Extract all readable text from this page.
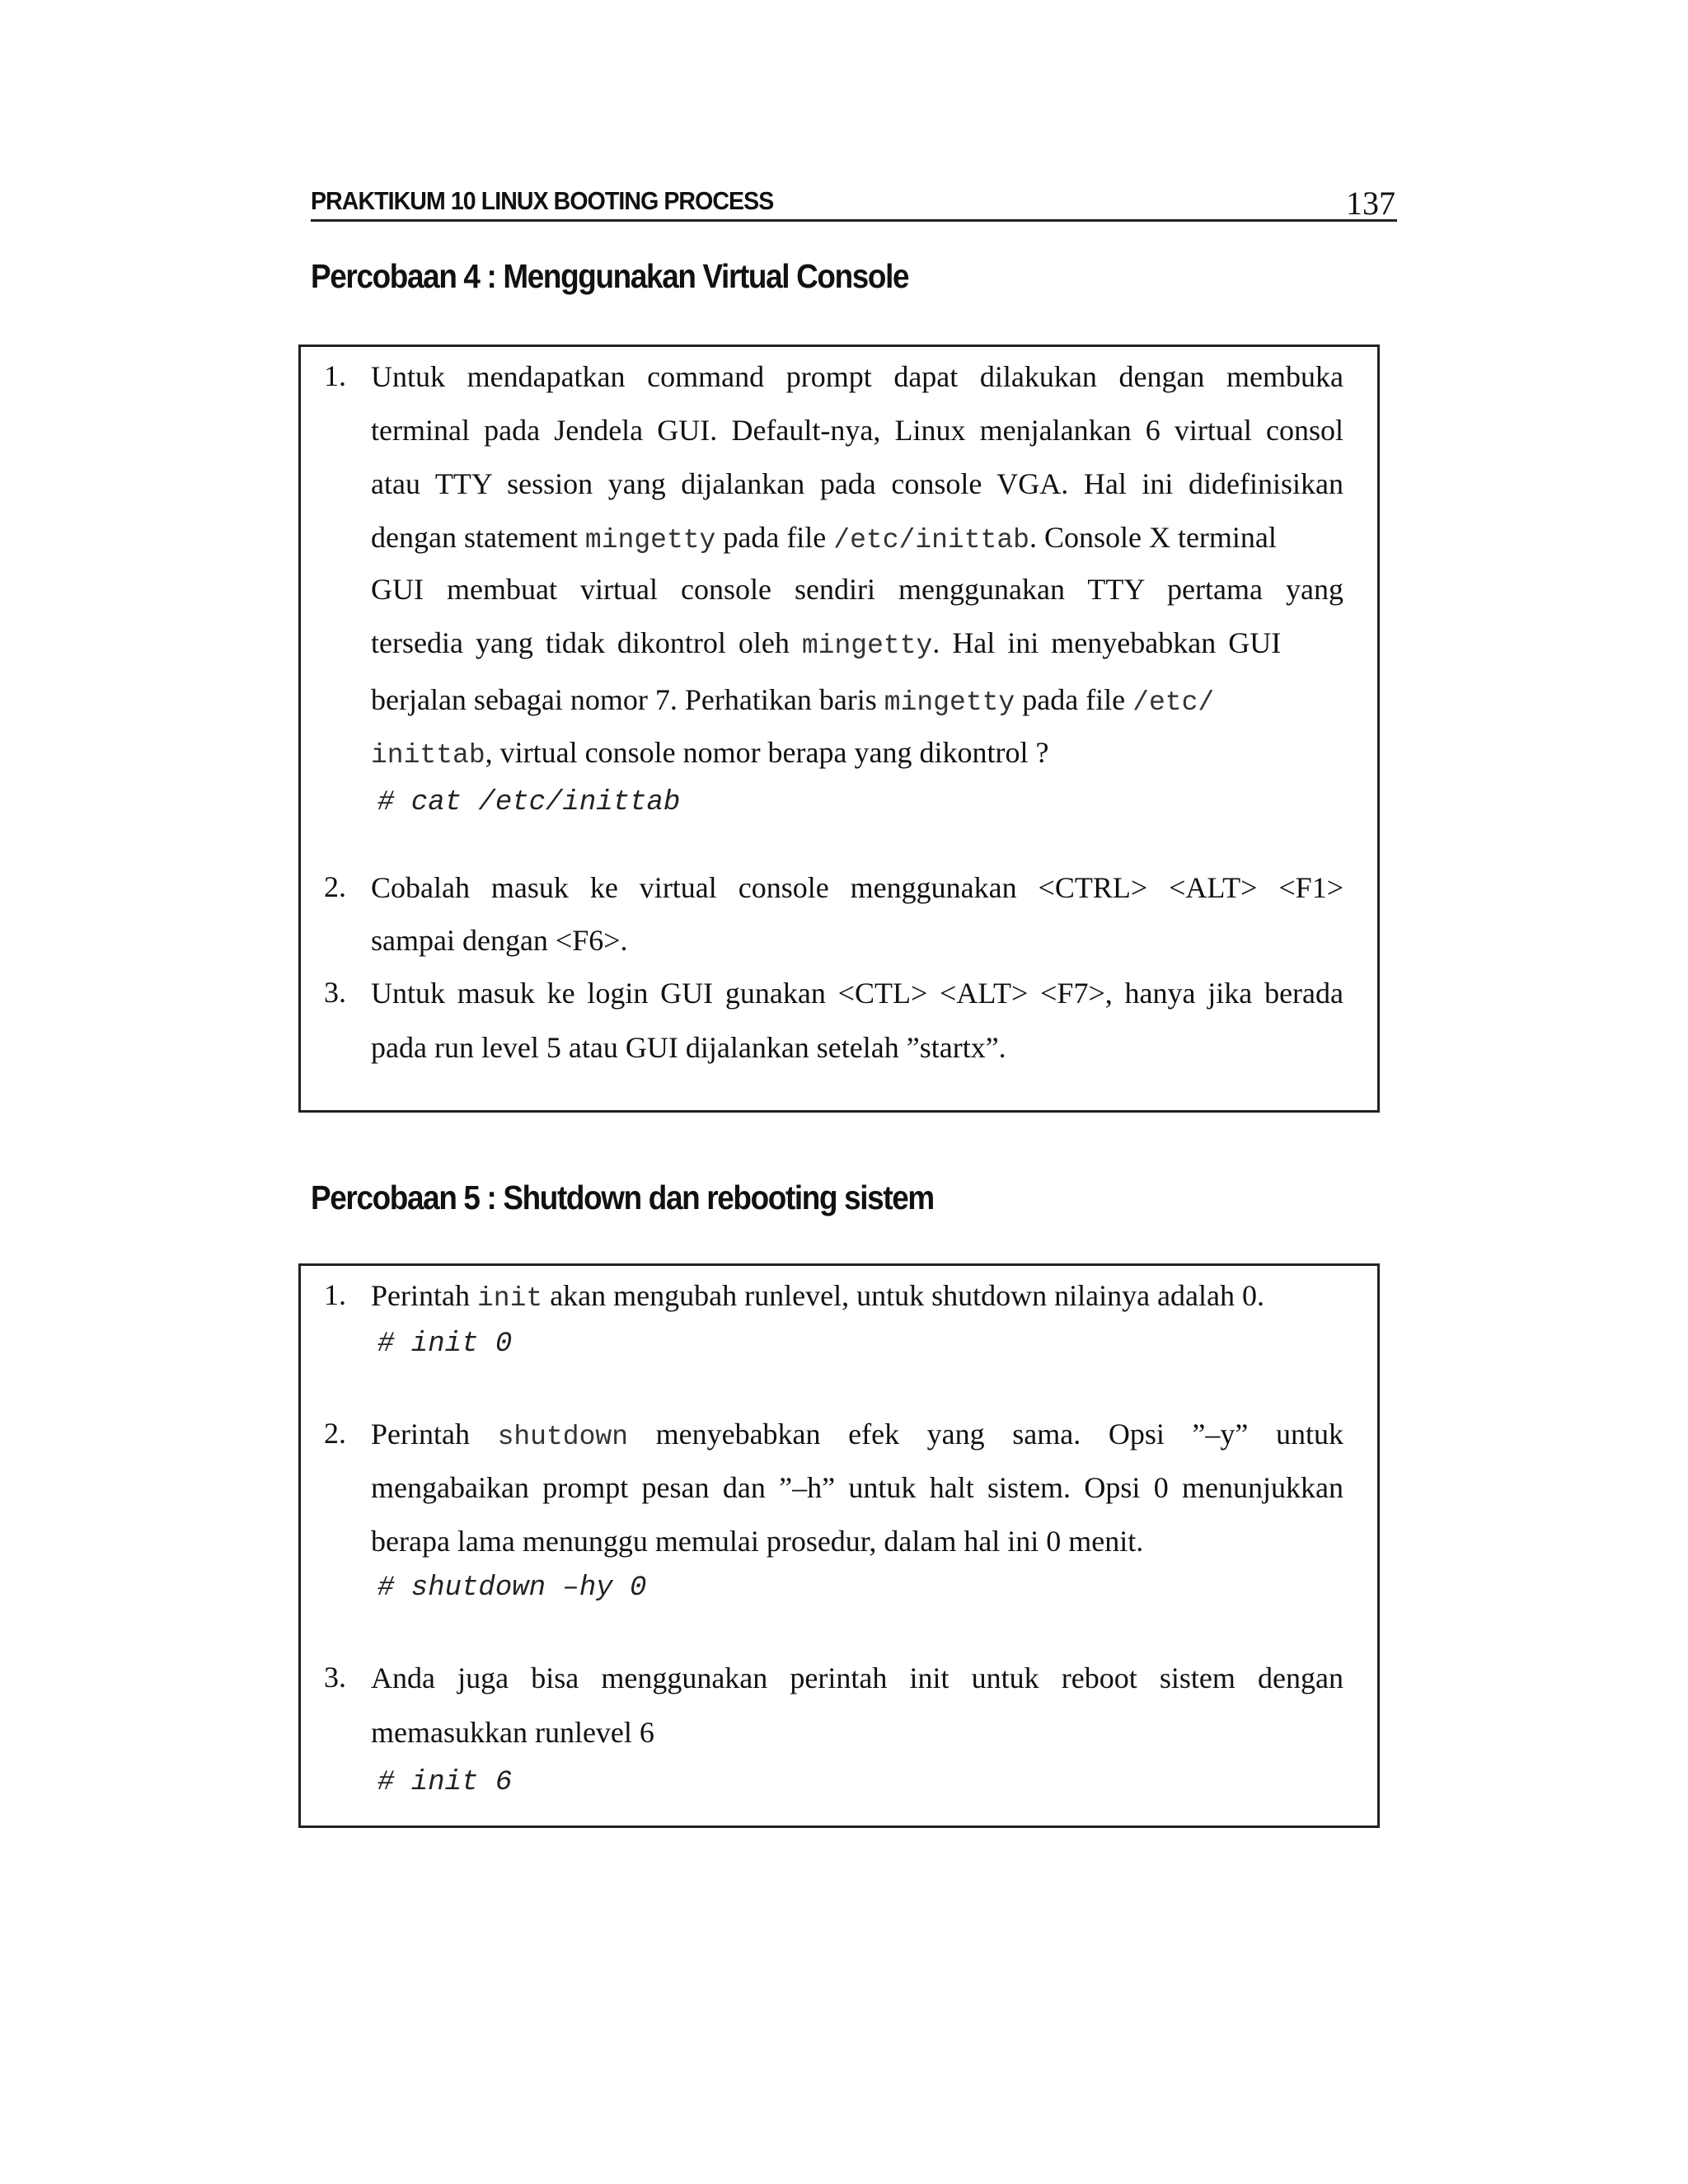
PRAKTIKUM 10 LINUX BOOTING PROCESS	137
Percobaan 4 : Menggunakan Virtual Console
1. Untuk mendapatkan command prompt dapat dilakukan dengan membuka
terminal pada Jendela GUI. Default-nya, Linux menjalankan 6 virtual consol
atau TTY session yang dijalankan pada console VGA. Hal ini didefinisikan
dengan statement mingetty pada file /etc/inittab. Console X terminal
GUI membuat virtual console sendiri menggunakan TTY pertama yang
tersedia yang tidak dikontrol oleh mingetty. Hal ini menyebabkan GUI
berjalan sebagai nomor 7. Perhatikan baris mingetty pada file /etc/
inittab, virtual console nomor berapa yang dikontrol ?
# cat /etc/inittab
2. Cobalah masuk ke virtual console menggunakan <CTRL> <ALT> <F1>
sampai dengan <F6>.
3. Untuk masuk ke login GUI gunakan <CTL> <ALT> <F7>, hanya jika berada
pada run level 5 atau GUI dijalankan setelah ”startx”.
Percobaan 5 : Shutdown dan rebooting sistem
1. Perintah init akan mengubah runlevel, untuk shutdown nilainya adalah 0.
# init 0
2. Perintah shutdown menyebabkan efek yang sama. Opsi ”–y” untuk
mengabaikan prompt pesan dan ”–h” untuk halt sistem. Opsi 0 menunjukkan
berapa lama menunggu memulai prosedur, dalam hal ini 0 menit.
# shutdown –hy 0
3. Anda juga bisa menggunakan perintah init untuk reboot sistem dengan
memasukkan runlevel 6
# init 6
